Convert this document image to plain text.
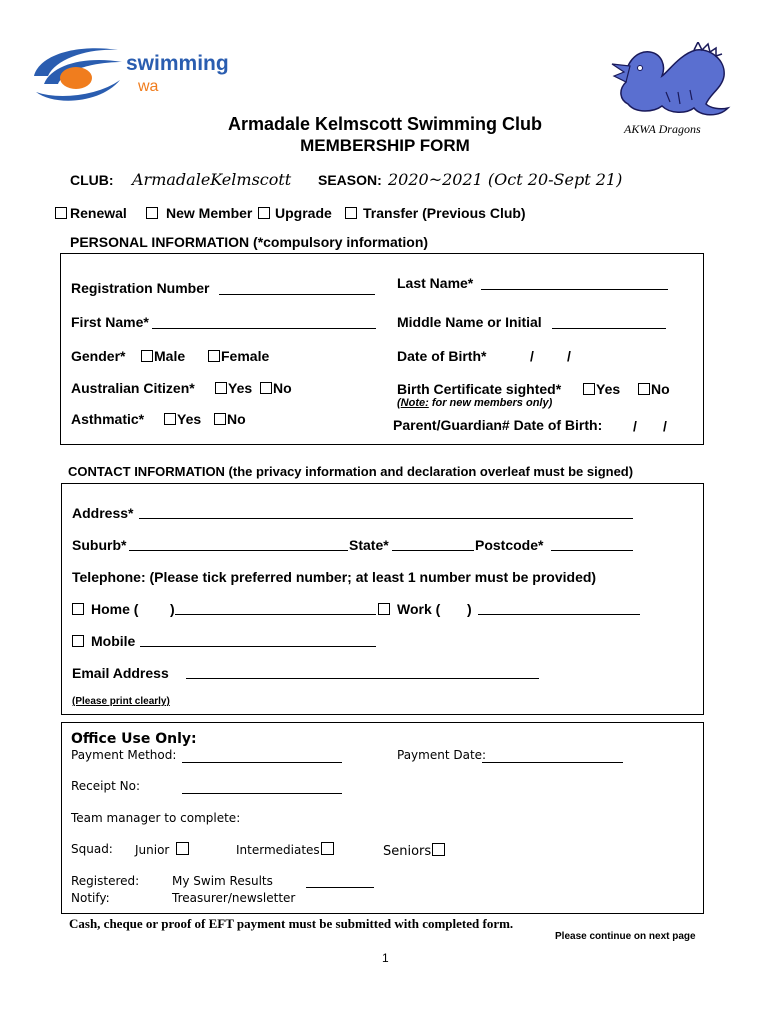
swimming
wa
AKWA Dragons
Armadale Kelmscott Swimming Club
MEMBERSHIP FORM
CLUB: ArmadaleKelmscott SEASON: 2020~2021 (Oct 20-Sept 21)
Renewal	New Member	Upgrade	Transfer (Previous Club)
PERSONAL INFORMATION (*compulsory information)
Registration Number	Last Name*
First Name*	Middle Name or Initial
Gender*	Male	Female	Date of Birth*	/ /
Australian Citizen*	Yes	No	Birth Certificate sighted*	Yes	No
(Note: for new members only)
Asthmatic*	Yes	No	Parent/Guardian# Date of Birth: / /
CONTACT INFORMATION (the privacy information and declaration overleaf must be signed)
Address*
Suburb*	State*	Postcode*
Telephone: (Please tick preferred number; at least 1 number must be provided)
Home ( )	Work ( )
Mobile
Email Address
(Please print clearly)
Office Use Only:
Payment Method:	Payment Date:
Receipt No:
Team manager to complete:
Squad: Junior	Intermediates	Seniors
Registered:	My Swim Results
Notify:	Treasurer/newsletter
Cash, cheque or proof of EFT payment must be submitted with completed form.
Please continue on next page
1
